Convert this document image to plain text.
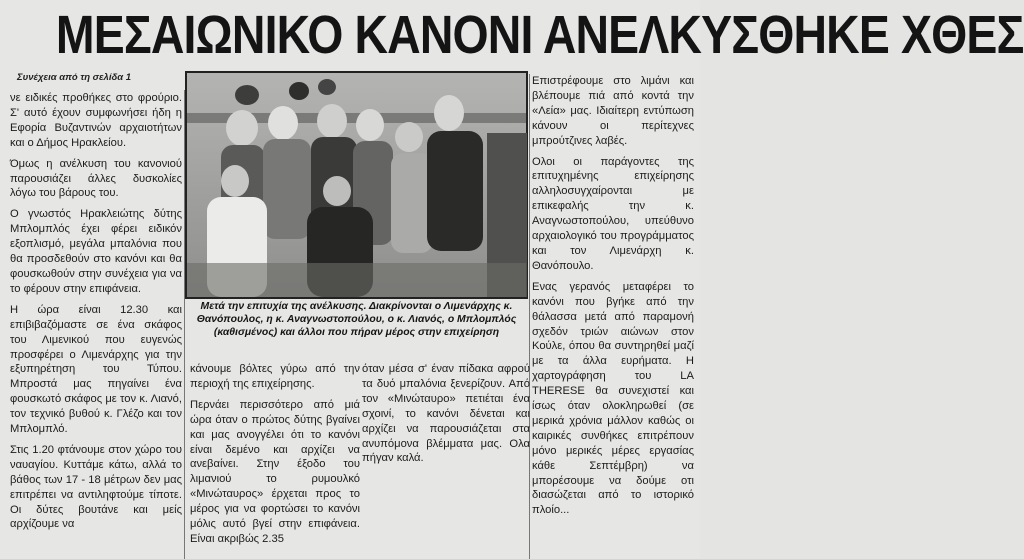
ΜΕΣΑΙΩΝΙΚΟ ΚΑΝΟΝΙ ΑΝΕΛΚΥΣΘΗΚΕ ΧΘΕΣ
Συνέχεια από τη σελίδα 1

νε ειδικές προθήκες στο φρούριο. Σ' αυτό έχουν συμφωνήσει ήδη η Εφορία Βυζαντινών αρχαιοτήτων και ο Δήμος Ηρακλείου.

Όμως η ανέλκυση του κανονιού παρουσιάζει άλλες δυσκολίες λόγω του βάρους του.

Ο γνωστός Ηρακλειώτης δύτης Μπλομπλός έχει φέρει ειδικόν εξοπλισμό, μεγάλα μπαλόνια που θα προσδεθούν στο κανόνι και θα φουσκωθούν στην συνέχεια για να το φέρουν στην επιφάνεια.

Η ώρα είναι 12.30 και επιβιβαζόμαστε σε ένα σκάφος του Λιμενικού που ευγενώς προσφέρει ο Λιμενάρχης για την εξυπηρέτηση του Τύπου. Μπροστά μας πηγαίνει ένα φουσκωτό σκάφος με τον κ. Λιανό, τον τεχνικό βυθού κ. Γλέζο και τον Μπλομπλό.

Στις 1.20 φτάνουμε στον χώρο του ναυαγίου. Κυττάμε κάτω, αλλά το βάθος των 17 - 18 μέτρων δεν μας επιτρέπει να αντιληφτούμε τίποτε. Οι δύτες βουτάνε και μείς αρχίζουμε να

Μετά την επιτυχία της ανέλκυσης. Διακρίνονται ο Λιμενάρχης κ. Θανόπουλος, η κ. Αναγνωστοπούλου, ο κ. Λιανός, ο Μπλομπλός (καθισμένος) και άλλοι που πήραν μέρος στην επιχείρηση

κάνουμε βόλτες γύρω από την περιοχή της επιχείρησης.

Περνάει περισσότερο από μιά ώρα όταν ο πρώτος δύτης βγαίνει και μας ανογγέλει ότι το κανόνι είναι δεμένο και αρχίζει να ανεβαίνει. Στην έξοδο του λιμανιού το ρυμουλκό «Μινώταυρος» έρχεται προς το μέρος για να φορτώσει το κανόνι μόλις αυτό βγεί στην επιφάνεια. Είναι ακριβώς 2.35

όταν μέσα σ' έναν πίδακα αφρού τα δυό μπαλόνια ξενερίζουν. Από τον «Μινώταυρο» πετιέται ένα σχοινί, το κανόνι δένεται και αρχίζει να παρουσιάζεται στα ανυπόμονα βλέμματα μας. Ολα πήγαν καλά.

Επιστρέφουμε στο λιμάνι και βλέπουμε πιά από κοντά την «Λεία» μας. Ιδιαίτερη εντύπωση κάνουν οι περίτεχνες μπρούτζινες λαβές.

Ολοι οι παράγοντες της επιτυχημένης επιχείρησης αλληλοσυγχαίρονται με επικεφαλής την κ. Αναγνωστοπούλου, υπεύθυνο αρχαιολογικό του προγράμματος και τον Λιμενάρχη κ. Θανόπουλο.

Ενας γερανός μεταφέρει το κανόνι που βγήκε από την θάλασσα μετά από παραμονή σχεδόν τριών αιώνων στον Κούλε, όπου θα συντηρηθεί μαζί με τα άλλα ευρήματα. Η χαρτογράφηση του LA THERESE θα συνεχιστεί και ίσως όταν ολοκληρωθεί (σε μερικά χρόνια μάλλον καθώς οι καιρικές συνθήκες επιτρέπουν μόνο μερικές μέρες εργασίας κάθε Σεπτέμβρη) να μπορέσουμε να δούμε οτι διασώζεται από το ιστορικό πλοίο...
